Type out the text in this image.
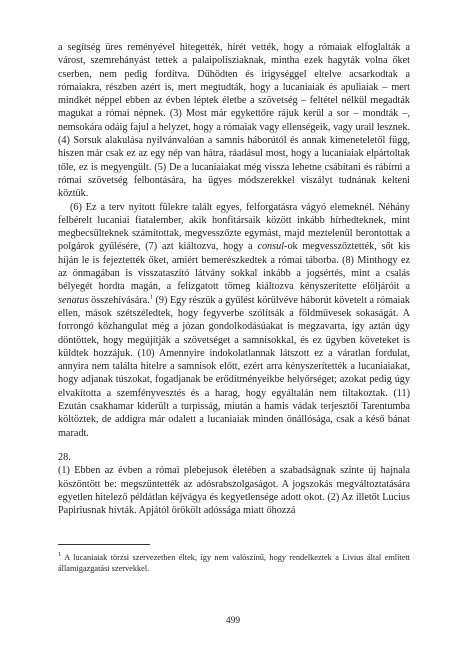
a segítség üres reményével hitegették, hírét vették, hogy a rómaiak elfoglalták a várost, szemrehányást tettek a palaipolisziaknak, mintha ezek hagyták volna őket cserben, nem pedig fordítva. Dühödten és irigységgel eltelve acsarkodtak a rómaiakra, részben azért is, mert megtudták, hogy a lucaniaiak és apuliaiak – mert mindkét néppel ebben az évben léptek életbe a szövetség – feltétel nélkül megadták magukat a római népnek. (3) Most már egykettőre rájuk kerül a sor – mondták –, nemsokára odáig fajul a helyzet, hogy a rómaiak vagy ellenségeik, vagy urail lesznek. (4) Sorsuk alakulása nyilvánvalóan a samnis háborútól és annak kimeneteletől függ, hiszen már csak ez az egy nép van hátra, ráadásul most, hogy a lucaniaiak elpártoltak tőle, ez is megyengült. (5) De a lucaniaiakat még vissza lehetne csábítani és rábírni a római szövetség felbontására, ha ügyes módszerekkel viszályt tudnának kelteni köztük.

(6) Ez a terv nyitott fülekre talált egyes, felforgatásra vágyó elemeknél. Néhány felbérelt lucaniai fiatalember, akik honfitársaik között inkább hírhedteknek, mint megbecsülteknek számítottak, megvesszőzte egymást, majd meztelenül berontottak a polgárok gyűlésére, (7) azt kiáltozva, hogy a consul-ok megvesszőztették, sőt kis híján le is fejeztették őket, amiért bemerészkedtek a római táborba. (8) Minthogy ez az önmagában is visszataszító látvány sokkal inkább a jogsértés, mint a csalás bélyegét hordta magán, a felizgatott tömeg kiáltozva kényszerítette elöljáróit a senatus összehívására.$^1$ (9) Egy részük a gyűlést körülvéve háborút követelt a rómaiak ellen, mások szétszéledtek, hogy fegyverbe szólítsák a földművesek sokaságát. A forrongó közhangulat még a józan gondolkodásúakat is megzavarta, így aztán úgy döntöttek, hogy megújítják a szövetséget a samnisokkal, és ez ügyben követeket is küldtek hozzájuk. (10) Amennyire indokolatlannak látszott ez a váratlan fordulat, annyira nem találta hitelre a samnisok előtt, ezért arra kényszerítették a lucaniaiakat, hogy adjanak túszokat, fogadjanak be erődítményeikbe helyőrséget; azokat pedig úgy elvakította a szemfényvesztés és a harag, hogy egyáltalán nem tiltakoztak. (11) Ezután csakhamar kiderült a turpisság, miután a hamis vádak terjesztői Tarentumba költöztek, de addigra már odalett a lucaniaiak minden önállósága, csak a késő bánat maradt.

28.

(1) Ebben az évben a római plebejusok életében a szabadságnak szinte új hajnala köszöntött be: megszüntették az adósrabszolgaságot. A jogszokás megváltoztatására egyetlen hitelező példátlan kéjvágya és kegyetlensége adott okot. (2) Az illetőt Lucius Papiriusnak hívták. Apjától örökölt adóssága miatt őhozzá

$^1$ A lucaniaiak törzsi szervezetben éltek, így nem valószínű, hogy rendelkeztek a Livius által említett államigazgatási szervekkel.

499
